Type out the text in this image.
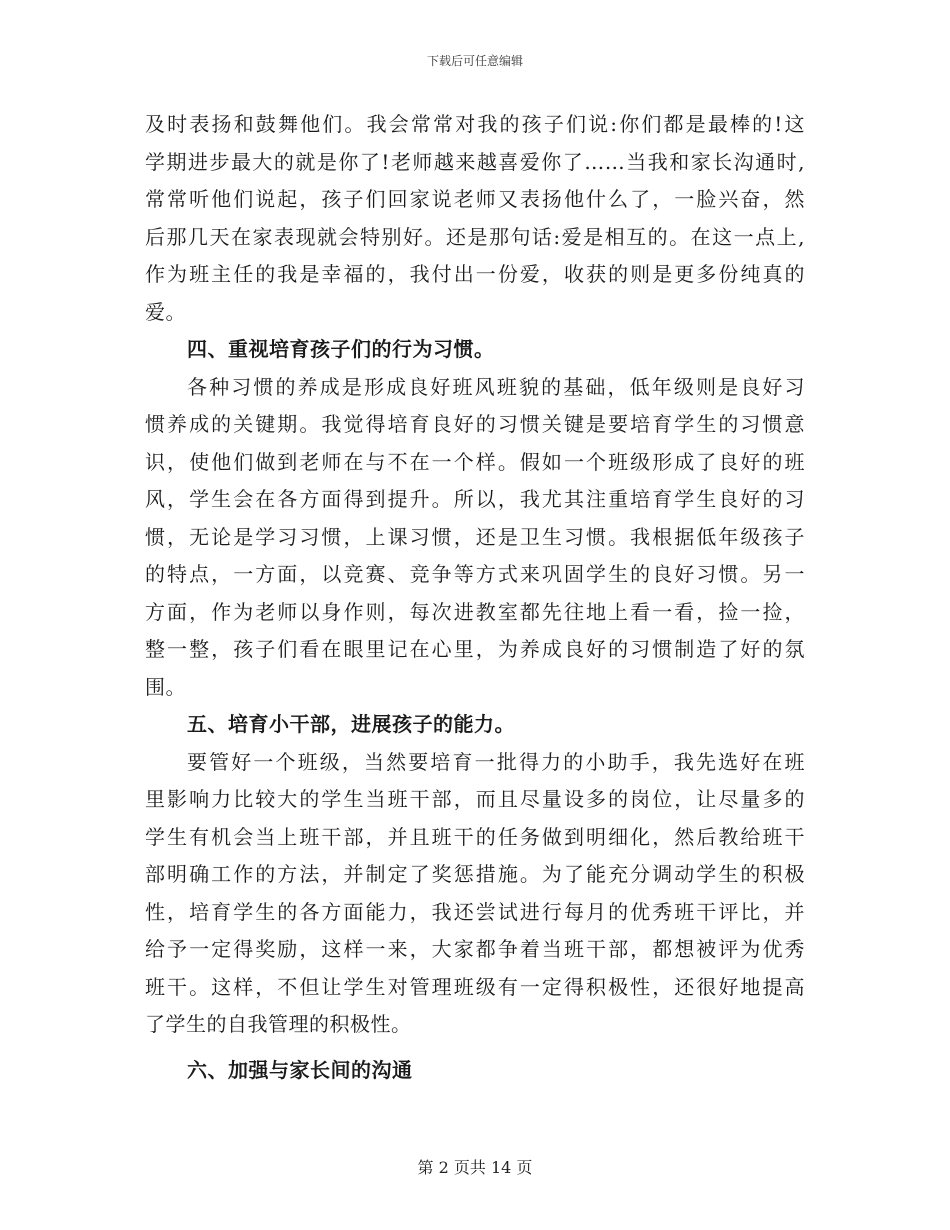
下载后可任意编辑
及时表扬和鼓舞他们。我会常常对我的孩子们说:你们都是最棒的!这
学期进步最大的就是你了!老师越来越喜爱你了……当我和家长沟通时,
常常听他们说起，孩子们回家说老师又表扬他什么了，一脸兴奋，然
后那几天在家表现就会特别好。还是那句话:爱是相互的。在这一点上,
作为班主任的我是幸福的，我付出一份爱，收获的则是更多份纯真的
爱。
四、重视培育孩子们的行为习惯。
各种习惯的养成是形成良好班风班貌的基础，低年级则是良好习
惯养成的关键期。我觉得培育良好的习惯关键是要培育学生的习惯意
识，使他们做到老师在与不在一个样。假如一个班级形成了良好的班
风，学生会在各方面得到提升。所以，我尤其注重培育学生良好的习
惯，无论是学习习惯，上课习惯，还是卫生习惯。我根据低年级孩子
的特点，一方面，以竞赛、竞争等方式来巩固学生的良好习惯。另一
方面，作为老师以身作则，每次进教室都先往地上看一看，捡一捡，
整一整，孩子们看在眼里记在心里，为养成良好的习惯制造了好的氛
围。
五、培育小干部，进展孩子的能力。
要管好一个班级，当然要培育一批得力的小助手，我先选好在班
里影响力比较大的学生当班干部，而且尽量设多的岗位，让尽量多的
学生有机会当上班干部，并且班干的任务做到明细化，然后教给班干
部明确工作的方法，并制定了奖惩措施。为了能充分调动学生的积极
性，培育学生的各方面能力，我还尝试进行每月的优秀班干评比，并
给予一定得奖励，这样一来，大家都争着当班干部，都想被评为优秀
班干。这样，不但让学生对管理班级有一定得积极性，还很好地提高
了学生的自我管理的积极性。
六、加强与家长间的沟通
第 2 页共 14 页
